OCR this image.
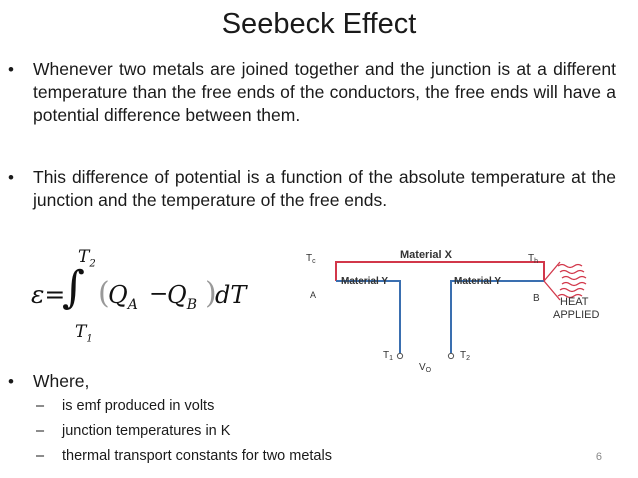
Seebeck Effect
• Whenever two metals are joined together and the junction is at a different temperature than the free ends of the conductors, the free ends will have a potential difference between them.
• This difference of potential is a function of the absolute temperature at the junction and the temperature of the free ends.
$T_2$
ε=
∫ (
$Q_A$ −
$Q_B$ )
dT
$T_1$
Material X
Material Y	Material Y
$T_c$	$T_h$
A	B HEAT
APPLIED
$T_1$	$T_2$
$V_O$
• Where,
– is emf produced in volts
– junction temperatures in K
– thermal transport constants for two metals	6
